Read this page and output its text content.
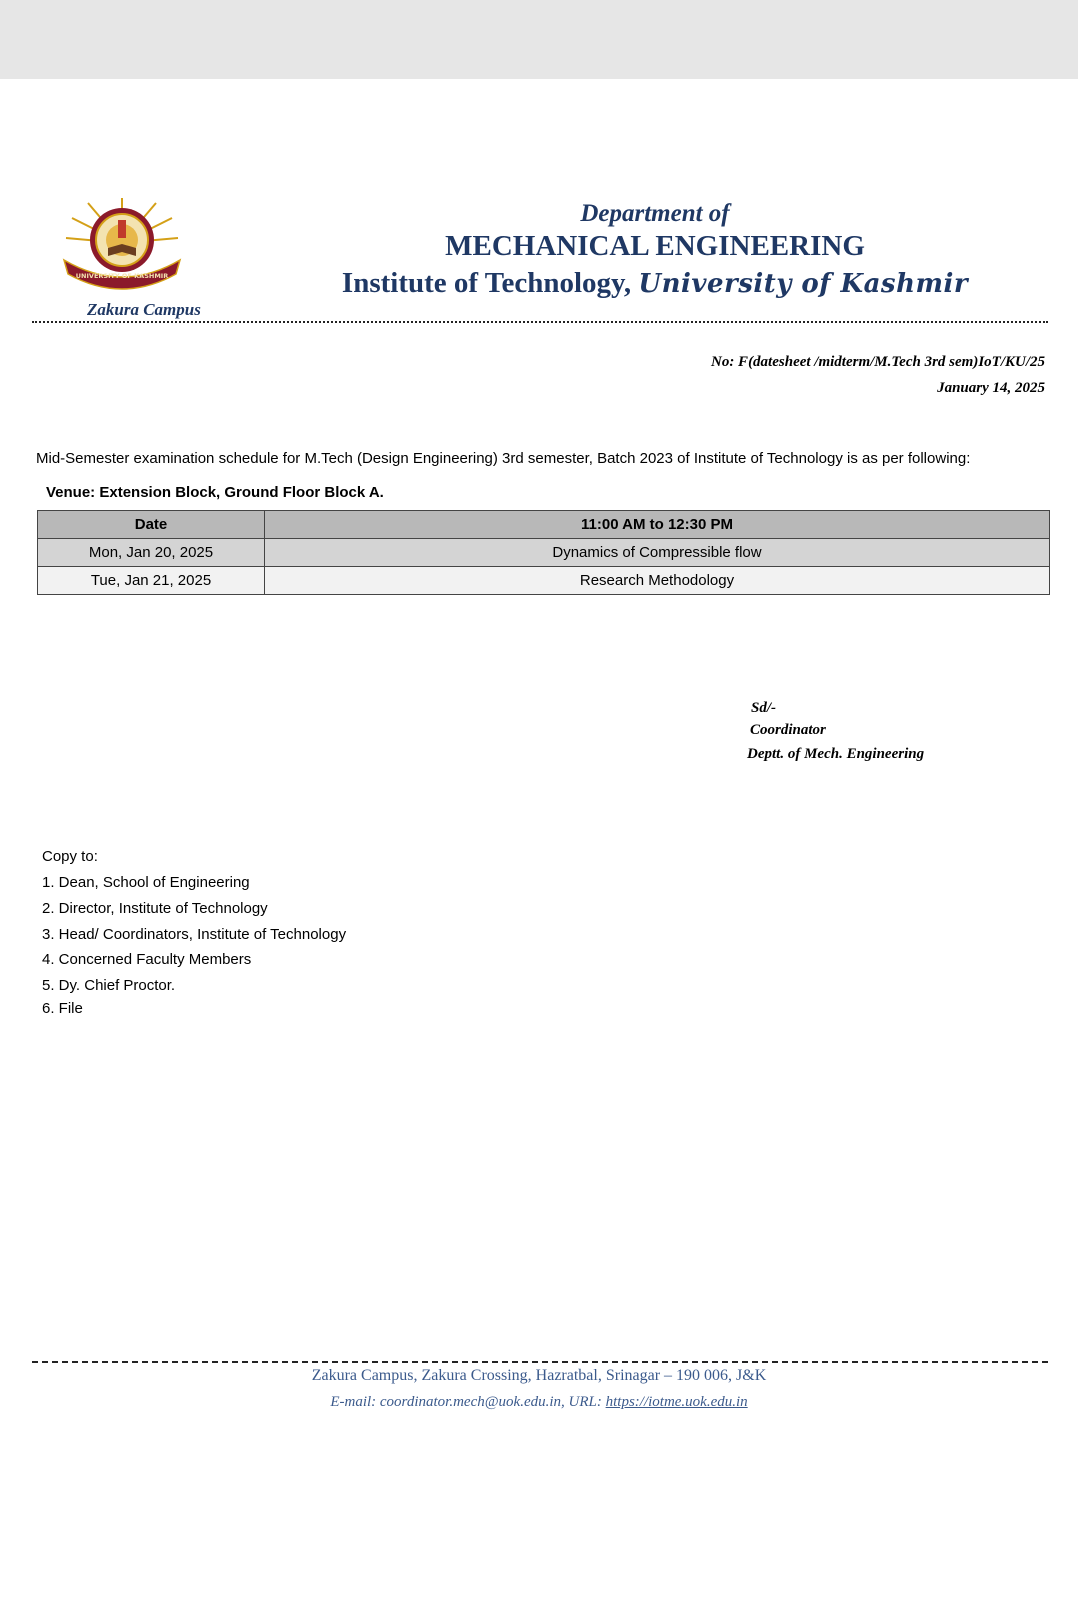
UNIVERSITY OF KASHMIR
Zakura Campus
Department of
MECHANICAL ENGINEERING
Institute of Technology, University of Kashmir
No: F(datesheet /midterm/M.Tech 3rd sem)IoT/KU/25
January 14, 2025
Mid-Semester examination schedule for M.Tech (Design Engineering) 3rd semester, Batch 2023 of Institute of Technology is as per following:
Venue: Extension Block, Ground Floor Block A.
Date	11:00 AM to 12:30 PM
Mon, Jan 20, 2025	Dynamics of Compressible flow
Tue, Jan 21, 2025	Research Methodology
Sd/-
Coordinator
Deptt. of Mech. Engineering
Copy to:
1. Dean, School of Engineering
2. Director, Institute of Technology
3. Head/ Coordinators, Institute of Technology
4. Concerned Faculty Members
5. Dy. Chief Proctor.
6. File
Zakura Campus, Zakura Crossing, Hazratbal, Srinagar – 190 006, J&K
E-mail: coordinator.mech@uok.edu.in, URL: https://iotme.uok.edu.in
